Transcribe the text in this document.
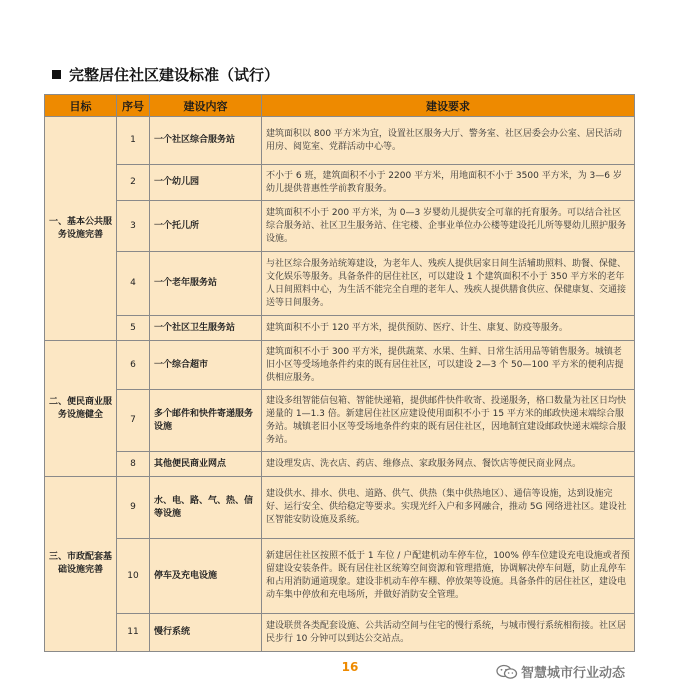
完整居住社区建设标准（试行）
目标	序号	建设内容	建设要求
一、基本公共服务设施完善	1	一个社区综合服务站	建筑面积以 800 平方米为宜，设置社区服务大厅、警务室、社区居委会办公室、居民活动用房、阅览室、党群活动中心等。
	2	一个幼儿园	不小于 6 班，建筑面积不小于 2200 平方米，用地面积不小于 3500 平方米，为 3—6 岁幼儿提供普惠性学前教育服务。
	3	一个托儿所	建筑面积不小于 200 平方米，为 0—3 岁婴幼儿提供安全可靠的托育服务。可以结合社区综合服务站、社区卫生服务站、住宅楼、企事业单位办公楼等建设托儿所等婴幼儿照护服务设施。
	4	一个老年服务站	与社区综合服务站统筹建设，为老年人、残疾人提供居家日间生活辅助照料、助餐、保健、文化娱乐等服务。具备条件的居住社区，可以建设 1 个建筑面积不小于 350 平方米的老年人日间照料中心，为生活不能完全自理的老年人、残疾人提供膳食供应、保健康复、交通接送等日间服务。
	5	一个社区卫生服务站	建筑面积不小于 120 平方米，提供预防、医疗、计生、康复、防疫等服务。
二、便民商业服务设施健全	6	一个综合超市	建筑面积不小于 300 平方米，提供蔬菜、水果、生鲜、日常生活用品等销售服务。城镇老旧小区等受场地条件约束的既有居住社区，可以建设 2—3 个 50—100 平方米的便利店提供相应服务。
	7	多个邮件和快件寄递服务设施	建设多组智能信包箱、智能快递箱，提供邮件快件收寄、投递服务，格口数量为社区日均快递量的 1—1.3 倍。新建居住社区应建设使用面积不小于 15 平方米的邮政快递末端综合服务站。城镇老旧小区等受场地条件约束的既有居住社区，因地制宜建设邮政快递末端综合服务站。
	8	其他便民商业网点	建设理发店、洗衣店、药店、维修点、家政服务网点、餐饮店等便民商业网点。
三、市政配套基础设施完善	9	水、电、路、气、热、信等设施	建设供水、排水、供电、道路、供气、供热（集中供热地区）、通信等设施，达到设施完好、运行安全、供给稳定等要求。实现光纤入户和多网融合，推动 5G 网络进社区。建设社区智能安防设施及系统。
	10	停车及充电设施	新建居住社区按照不低于 1 车位 / 户配建机动车停车位，100% 停车位建设充电设施或者预留建设安装条件。既有居住社区统筹空间资源和管理措施，协调解决停车问题，防止乱停车和占用消防通道现象。建设非机动车停车棚、停放架等设施。具备条件的居住社区，建设电动车集中停放和充电场所，并做好消防安全管理。
	11	慢行系统	建设联贯各类配套设施、公共活动空间与住宅的慢行系统，与城市慢行系统相衔接。社区居民步行 10 分钟可以到达公交站点。
16	智慧城市行业动态
